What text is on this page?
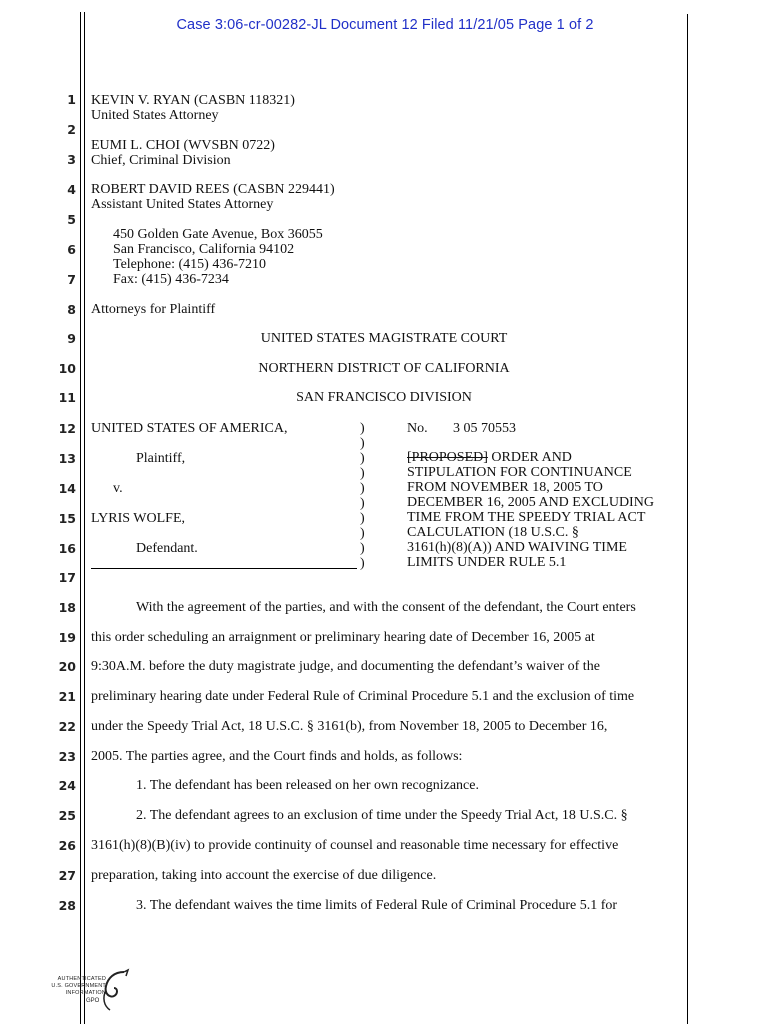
Case 3:06-cr-00282-JL Document 12 Filed 11/21/05 Page 1 of 2
1
2
3
4
5
6
7
8
9
10
11
12
13
14
15
16
17
18
19
20
21
22
23
24
25
26
27
28
KEVIN V. RYAN (CASBN 118321)
United States Attorney
EUMI L. CHOI (WVSBN 0722)
Chief, Criminal Division
ROBERT DAVID REES (CASBN 229441)
Assistant United States Attorney
450 Golden Gate Avenue, Box 36055
San Francisco, California 94102
Telephone: (415) 436-7210
Fax: (415) 436-7234
Attorneys for Plaintiff
UNITED STATES MAGISTRATE COURT
NORTHERN DISTRICT OF CALIFORNIA
SAN FRANCISCO DIVISION
UNITED STATES OF AMERICA,
Plaintiff,
v.
LYRIS WOLFE,
Defendant.
)
)
)
)
)
)
)
)
)
)
No. 3 05 70553
[PROPOSED] ORDER AND
STIPULATION FOR CONTINUANCE
FROM NOVEMBER 18, 2005 TO
DECEMBER 16, 2005 AND EXCLUDING
TIME FROM THE SPEEDY TRIAL ACT
CALCULATION (18 U.S.C. §
3161(h)(8)(A)) AND WAIVING TIME
LIMITS UNDER RULE 5.1
With the agreement of the parties, and with the consent of the defendant, the Court enters
this order scheduling an arraignment or preliminary hearing date of December 16, 2005 at
9:30A.M. before the duty magistrate judge, and documenting the defendant’s waiver of the
preliminary hearing date under Federal Rule of Criminal Procedure 5.1 and the exclusion of time
under the Speedy Trial Act, 18 U.S.C. § 3161(b), from November 18, 2005 to December 16,
2005. The parties agree, and the Court finds and holds, as follows:
1. The defendant has been released on her own recognizance.
2. The defendant agrees to an exclusion of time under the Speedy Trial Act, 18 U.S.C. §
3161(h)(8)(B)(iv) to provide continuity of counsel and reasonable time necessary for effective
preparation, taking into account the exercise of due diligence.
3. The defendant waives the time limits of Federal Rule of Criminal Procedure 5.1 for
AUTHENTICATED
U.S. GOVERNMENT
INFORMATION
GPO
